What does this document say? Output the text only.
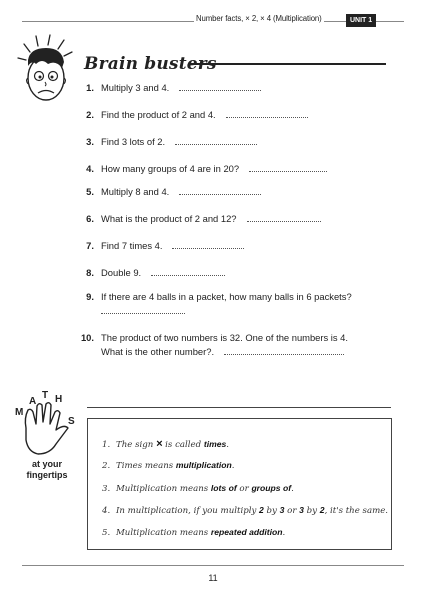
Number facts, × 2, × 4 (Multiplication)	UNIT 1
Brain busters
1. Multiply 3 and 4.
2. Find the product of 2 and 4.
3. Find 3 lots of 2.
4. How many groups of 4 are in 20?
5. Multiply 8 and 4.
6. What is the product of 2 and 12?
7. Find 7 times 4.
8. Double 9.
9. If there are 4 balls in a packet, how many balls in 6 packets?
10. The product of two numbers is 32. One of the numbers is 4.
What is the other number?.
M
A
T H
S
at your
fingertips
1. The sign × is called times.
2. Times means multiplication.
3. Multiplication means lots of or groups of.
4. In multiplication, if you multiply 2 by 3 or 3 by 2, it's the same.
5. Multiplication means repeated addition.
11
